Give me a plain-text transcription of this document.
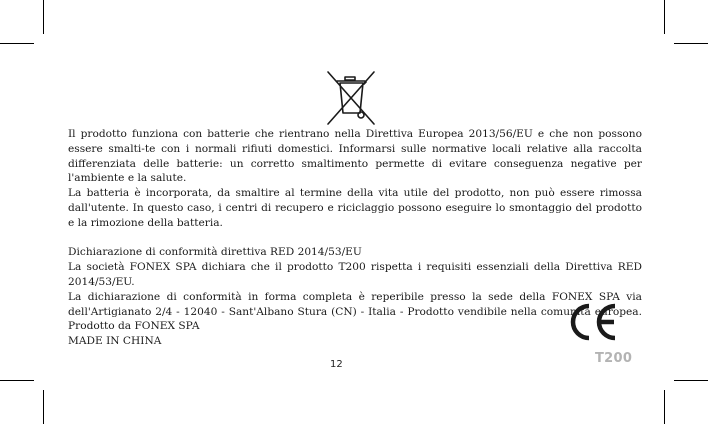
Il prodotto funziona con batterie che rientrano nella Direttiva Europea 2013/56/EU e che non possono essere smalti-te con i normali rifiuti domestici. Informarsi sulle normative locali relative alla raccolta differenziata delle batterie: un corretto smaltimento permette di evitare conseguenza negative per l'ambiente e la salute.

La batteria è incorporata, da smaltire al termine della vita utile del prodotto, non può essere rimossa dall'utente. In questo caso, i centri di recupero e riciclaggio possono eseguire lo smontaggio del prodotto e la rimozione della batteria.

Dichiarazione di conformità direttiva RED 2014/53/EU

La società FONEX SPA dichiara che il prodotto T200 rispetta i requisiti essenziali della Direttiva RED 2014/53/EU.

La dichiarazione di conformità in forma completa è reperibile presso la sede della FONEX SPA via dell'Artigianato 2/4 - 12040 - Sant'Albano Stura (CN) - Italia - Prodotto vendibile nella comunità europea. Prodotto da FONEX SPA

MADE IN CHINA

12	T200
